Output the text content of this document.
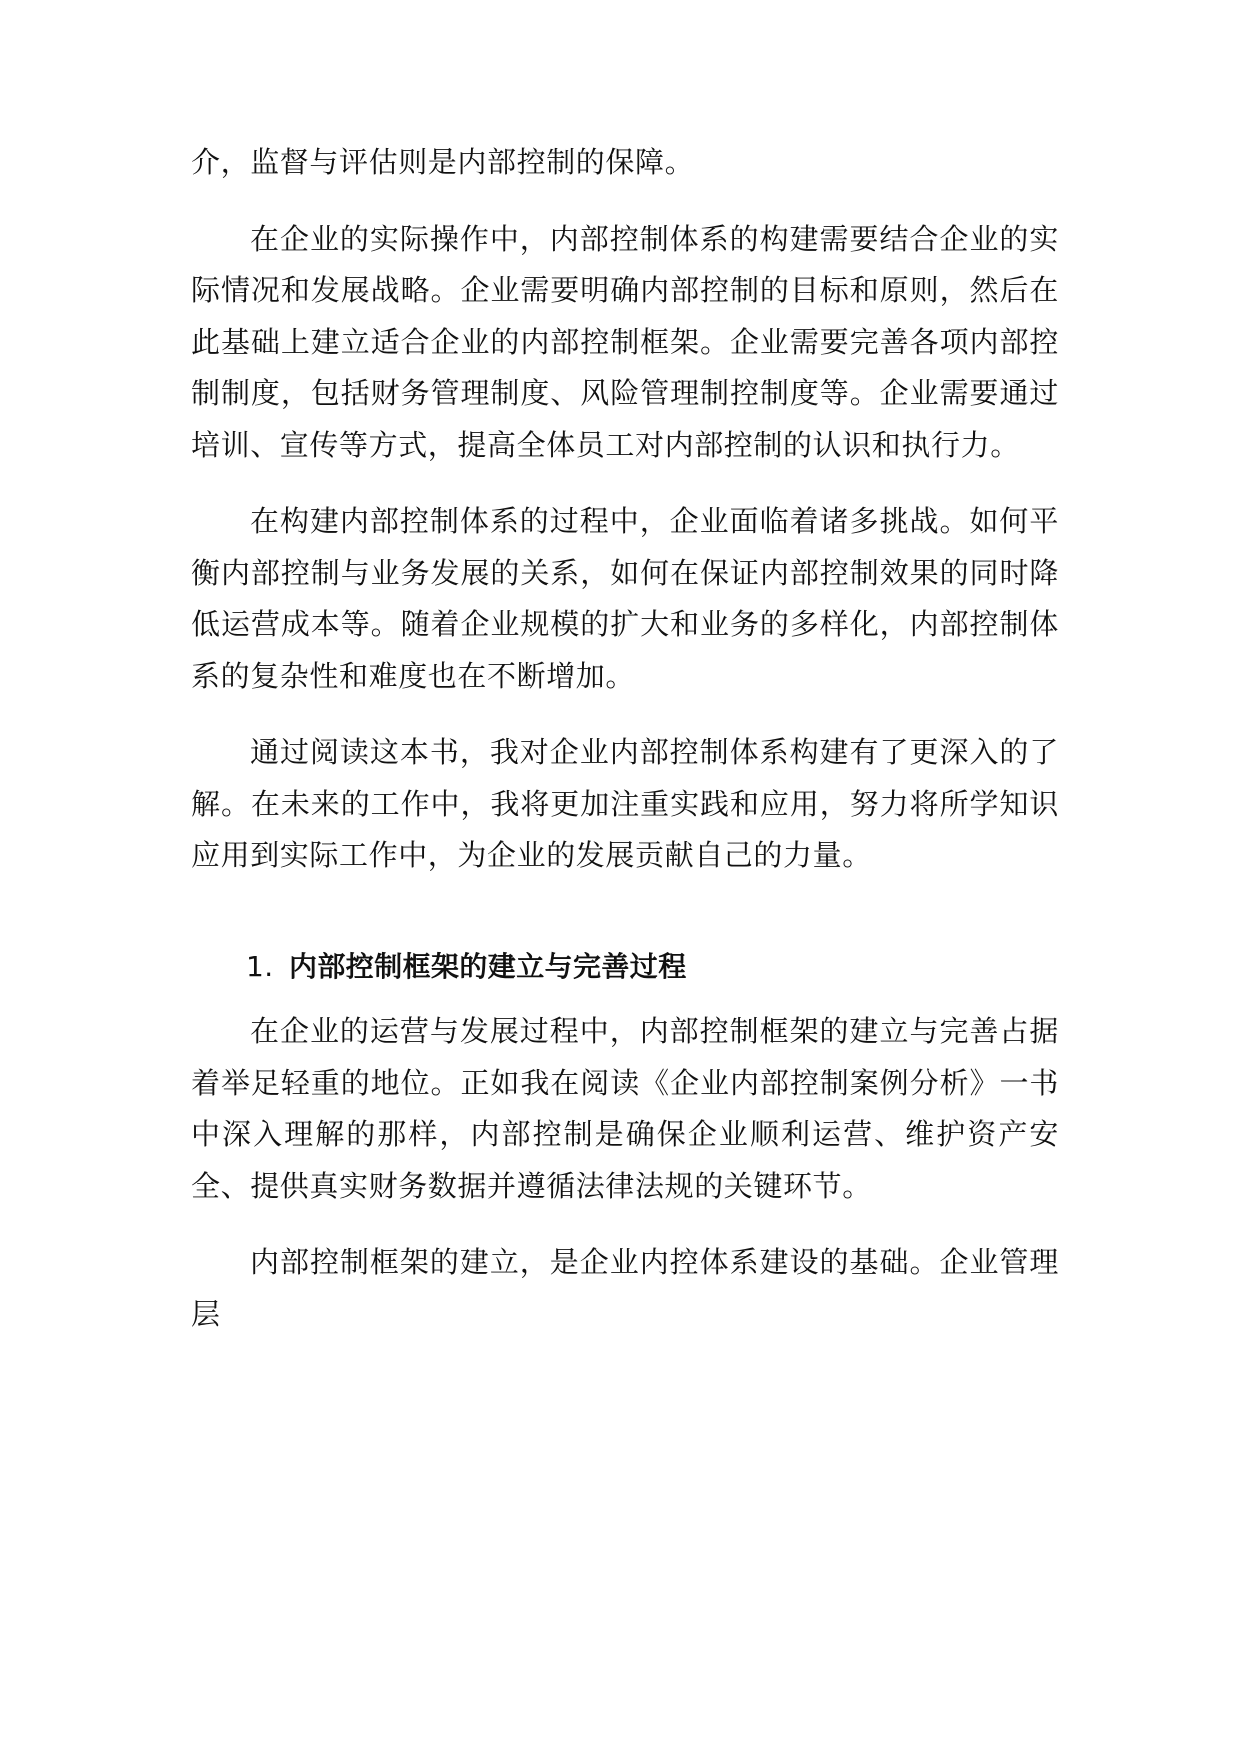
介，监督与评估则是内部控制的保障。

在企业的实际操作中，内部控制体系的构建需要结合企业的实际情况和发展战略。企业需要明确内部控制的目标和原则，然后在此基础上建立适合企业的内部控制框架。企业需要完善各项内部控制制度，包括财务管理制度、风险管理制控制度等。企业需要通过培训、宣传等方式，提高全体员工对内部控制的认识和执行力。

在构建内部控制体系的过程中，企业面临着诸多挑战。如何平衡内部控制与业务发展的关系，如何在保证内部控制效果的同时降低运营成本等。随着企业规模的扩大和业务的多样化，内部控制体系的复杂性和难度也在不断增加。

通过阅读这本书，我对企业内部控制体系构建有了更深入的了解。在未来的工作中，我将更加注重实践和应用，努力将所学知识应用到实际工作中，为企业的发展贡献自己的力量。

1. 内部控制框架的建立与完善过程

在企业的运营与发展过程中，内部控制框架的建立与完善占据着举足轻重的地位。正如我在阅读《企业内部控制案例分析》一书中深入理解的那样，内部控制是确保企业顺利运营、维护资产安全、提供真实财务数据并遵循法律法规的关键环节。

内部控制框架的建立，是企业内控体系建设的基础。企业管理层
